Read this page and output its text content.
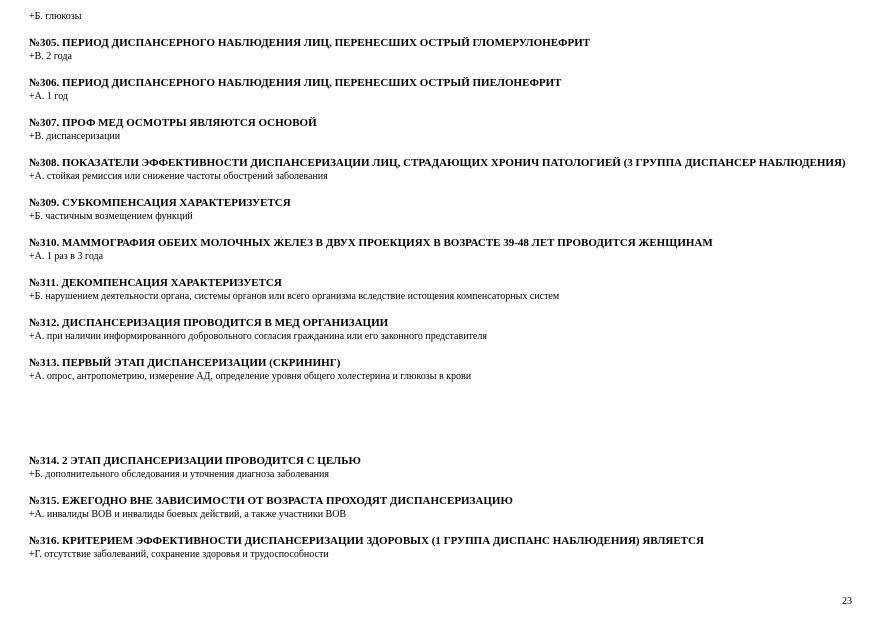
+Б. глюкозы
№305. ПЕРИОД ДИСПАНСЕРНОГО НАБЛЮДЕНИЯ ЛИЦ, ПЕРЕНЕСШИХ ОСТРЫЙ ГЛОМЕРУЛОНЕФРИТ
+В. 2 года
№306. ПЕРИОД ДИСПАНСЕРНОГО НАБЛЮДЕНИЯ ЛИЦ, ПЕРЕНЕСШИХ ОСТРЫЙ ПИЕЛОНЕФРИТ
+А. 1 год
№307. ПРОФ МЕД ОСМОТРЫ ЯВЛЯЮТСЯ ОСНОВОЙ
+В. диспансеризации
№308. ПОКАЗАТЕЛИ ЭФФЕКТИВНОСТИ ДИСПАНСЕРИЗАЦИИ ЛИЦ, СТРАДАЮЩИХ ХРОНИЧ ПАТОЛОГИЕЙ (3 ГРУППА ДИСПАНСЕР НАБЛЮДЕНИЯ)
+А. стойкая ремиссия или снижение частоты обострений заболевания
№309. СУБКОМПЕНСАЦИЯ ХАРАКТЕРИЗУЕТСЯ
+Б. частичным возмещением функций
№310. МАММОГРАФИЯ ОБЕИХ МОЛОЧНЫХ ЖЕЛЕЗ В ДВУХ ПРОЕКЦИЯХ В ВОЗРАСТЕ 39-48 ЛЕТ ПРОВОДИТСЯ ЖЕНЩИНАМ
+А. 1 раз в 3 года
№311. ДЕКОМПЕНСАЦИЯ ХАРАКТЕРИЗУЕТСЯ
+Б. нарушением деятельности органа, системы органов или всего организма вследствие истощения компенсаторных систем
№312. ДИСПАНСЕРИЗАЦИЯ ПРОВОДИТСЯ В МЕД ОРГАНИЗАЦИИ
+А. при наличии информированного добровольного согласия гражданина или его законного представителя
№313. ПЕРВЫЙ ЭТАП ДИСПАНСЕРИЗАЦИИ (СКРИНИНГ)
+А. опрос, антропометрию, измерение АД, определение уровня общего холестерина и глюкозы в крови
№314. 2 ЭТАП ДИСПАНСЕРИЗАЦИИ ПРОВОДИТСЯ С ЦЕЛЬЮ
+Б. дополнительного обследования и уточнения диагноза заболевания
№315. ЕЖЕГОДНО ВНЕ ЗАВИСИМОСТИ ОТ ВОЗРАСТА ПРОХОДЯТ ДИСПАНСЕРИЗАЦИЮ
+А. инвалиды ВОВ и инвалиды боевых действий, а также участники ВОВ
№316. КРИТЕРИЕМ ЭФФЕКТИВНОСТИ ДИСПАНСЕРИЗАЦИИ ЗДОРОВЫХ (1 ГРУППА ДИСПАНС НАБЛЮДЕНИЯ) ЯВЛЯЕТСЯ
+Г. отсутствие заболеваний, сохранение здоровья и трудоспособности
23
